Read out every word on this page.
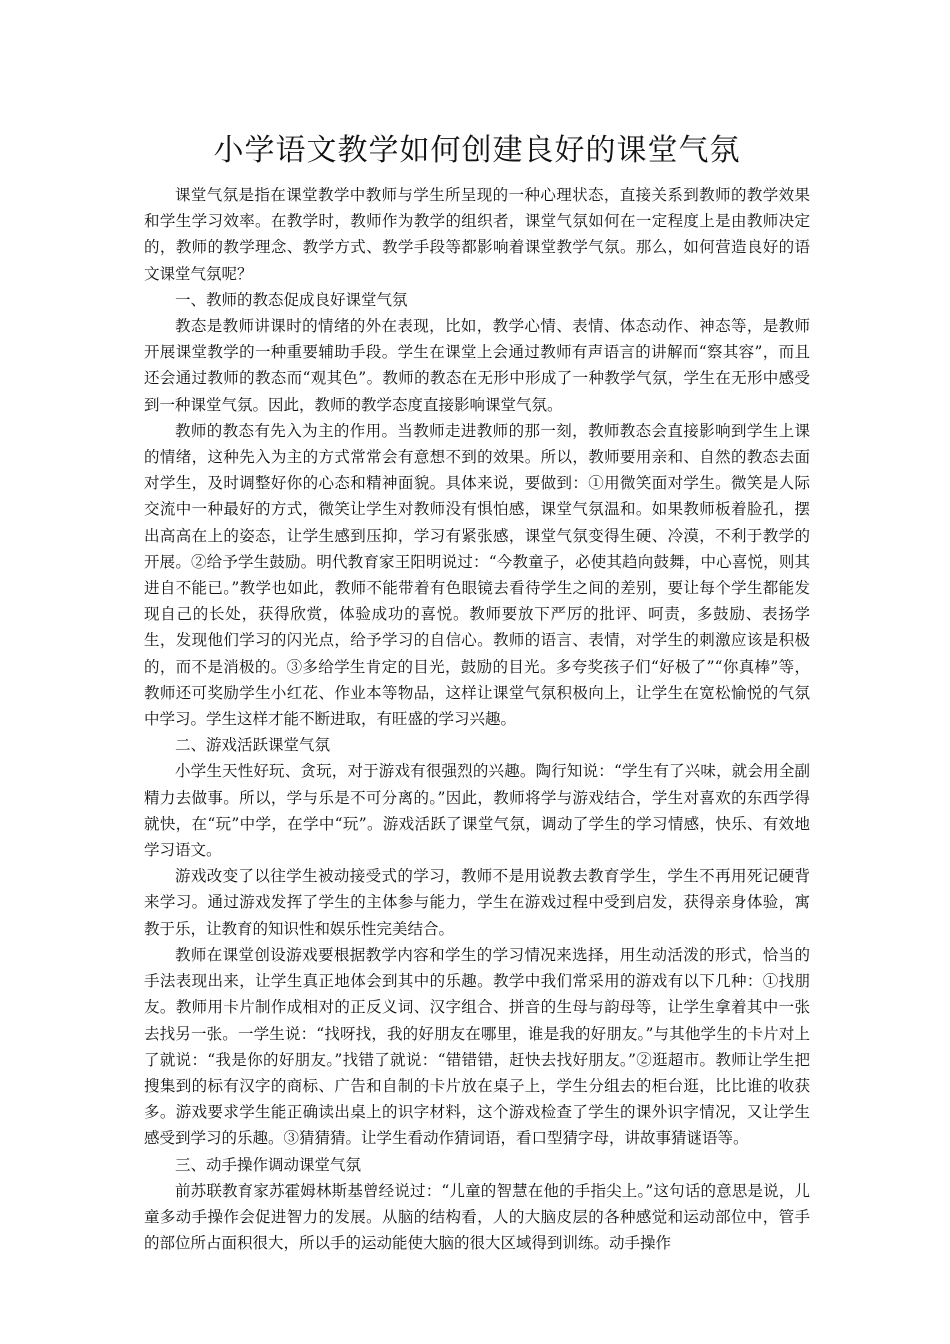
小学语文教学如何创建良好的课堂气氛

课堂气氛是指在课堂教学中教师与学生所呈现的一种心理状态，直接关系到教师的教学效果和学生学习效率。在教学时，教师作为教学的组织者，课堂气氛如何在一定程度上是由教师决定的，教师的教学理念、教学方式、教学手段等都影响着课堂教学气氛。那么，如何营造良好的语文课堂气氛呢？

一、教师的教态促成良好课堂气氛

教态是教师讲课时的情绪的外在表现，比如，教学心情、表情、体态动作、神态等，是教师开展课堂教学的一种重要辅助手段。学生在课堂上会通过教师有声语言的讲解而“察其容”，而且还会通过教师的教态而“观其色”。教师的教态在无形中形成了一种教学气氛，学生在无形中感受到一种课堂气氛。因此，教师的教学态度直接影响课堂气氛。

教师的教态有先入为主的作用。当教师走进教师的那一刻，教师教态会直接影响到学生上课的情绪，这种先入为主的方式常常会有意想不到的效果。所以，教师要用亲和、自然的教态去面对学生，及时调整好你的心态和精神面貌。具体来说，要做到：①用微笑面对学生。微笑是人际交流中一种最好的方式，微笑让学生对教师没有惧怕感，课堂气氛温和。如果教师板着脸孔，摆出高高在上的姿态，让学生感到压抑，学习有紧张感，课堂气氛变得生硬、冷漠，不利于教学的开展。②给予学生鼓励。明代教育家王阳明说过：“今教童子，必使其趋向鼓舞，中心喜悦，则其进自不能已。”教学也如此，教师不能带着有色眼镜去看待学生之间的差别，要让每个学生都能发现自己的长处，获得欣赏，体验成功的喜悦。教师要放下严厉的批评、呵责，多鼓励、表扬学生，发现他们学习的闪光点，给予学习的自信心。教师的语言、表情，对学生的刺激应该是积极的，而不是消极的。③多给学生肯定的目光，鼓励的目光。多夸奖孩子们“好极了”“你真棒”等，教师还可奖励学生小红花、作业本等物品，这样让课堂气氛积极向上，让学生在宽松愉悦的气氛中学习。学生这样才能不断进取，有旺盛的学习兴趣。

二、游戏活跃课堂气氛

小学生天性好玩、贪玩，对于游戏有很强烈的兴趣。陶行知说：“学生有了兴味，就会用全副精力去做事。所以，学与乐是不可分离的。”因此，教师将学与游戏结合，学生对喜欢的东西学得就快，在“玩”中学，在学中“玩”。游戏活跃了课堂气氛，调动了学生的学习情感，快乐、有效地学习语文。

游戏改变了以往学生被动接受式的学习，教师不是用说教去教育学生，学生不再用死记硬背来学习。通过游戏发挥了学生的主体参与能力，学生在游戏过程中受到启发，获得亲身体验，寓教于乐，让教育的知识性和娱乐性完美结合。

教师在课堂创设游戏要根据教学内容和学生的学习情况来选择，用生动活泼的形式，恰当的手法表现出来，让学生真正地体会到其中的乐趣。教学中我们常采用的游戏有以下几种：①找朋友。教师用卡片制作成相对的正反义词、汉字组合、拼音的生母与韵母等，让学生拿着其中一张去找另一张。一学生说：“找呀找，我的好朋友在哪里，谁是我的好朋友。”与其他学生的卡片对上了就说：“我是你的好朋友。”找错了就说：“错错错，赶快去找好朋友。”②逛超市。教师让学生把搜集到的标有汉字的商标、广告和自制的卡片放在桌子上，学生分组去的柜台逛，比比谁的收获多。游戏要求学生能正确读出桌上的识字材料，这个游戏检查了学生的课外识字情况，又让学生感受到学习的乐趣。③猜猜猜。让学生看动作猜词语，看口型猜字母，讲故事猜谜语等。

三、动手操作调动课堂气氛

前苏联教育家苏霍姆林斯基曾经说过：“儿童的智慧在他的手指尖上。”这句话的意思是说，儿童多动手操作会促进智力的发展。从脑的结构看，人的大脑皮层的各种感觉和运动部位中，管手的部位所占面积很大，所以手的运动能使大脑的很大区域得到训练。动手操作
